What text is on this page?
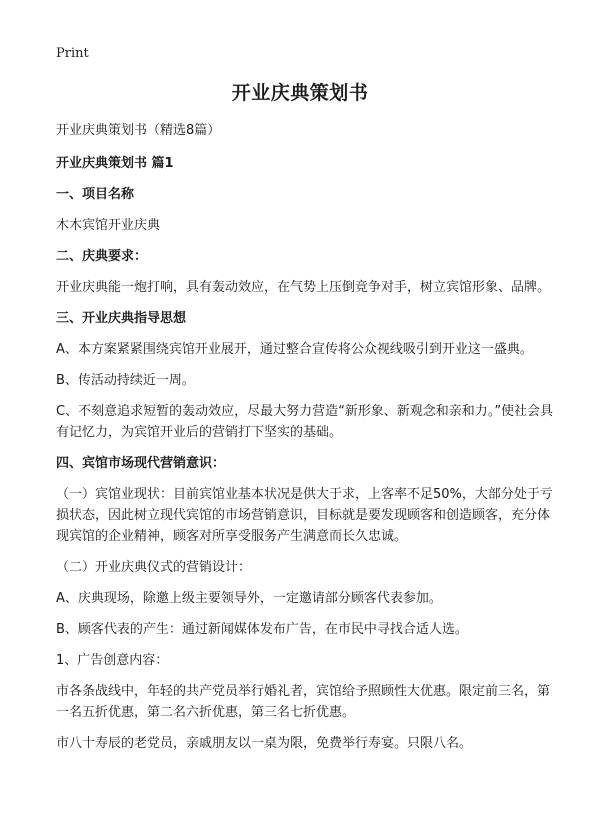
Print
开业庆典策划书

开业庆典策划书（精选8篇）

开业庆典策划书 篇1

一、项目名称

木木宾馆开业庆典

二、庆典要求：

开业庆典能一炮打响，具有轰动效应，在气势上压倒竞争对手，树立宾馆形象、品牌。

三、开业庆典指导思想

A、本方案紧紧围绕宾馆开业展开，通过整合宣传将公众视线吸引到开业这一盛典。

B、传活动持续近一周。

C、不刻意追求短暂的轰动效应，尽最大努力营造“新形象、新观念和亲和力。”使社会具有记忆力，为宾馆开业后的营销打下坚实的基础。

四、宾馆市场现代营销意识：

（一）宾馆业现状：目前宾馆业基本状况是供大于求，上客率不足50%，大部分处于亏损状态，因此树立现代宾馆的市场营销意识，目标就是要发现顾客和创造顾客，充分体现宾馆的企业精神，顾客对所享受服务产生满意而长久忠诚。

（二）开业庆典仪式的营销设计：

A、庆典现场，除邀上级主要领导外，一定邀请部分顾客代表参加。

B、顾客代表的产生：通过新闻媒体发布广告，在市民中寻找合适人选。

1、广告创意内容：

市各条战线中，年轻的共产党员举行婚礼者，宾馆给予照顾性大优惠。限定前三名，第一名五折优惠，第二名六折优惠，第三名七折优惠。

市八十寿辰的老党员，亲戚朋友以一桌为限，免费举行寿宴。只限八名。
